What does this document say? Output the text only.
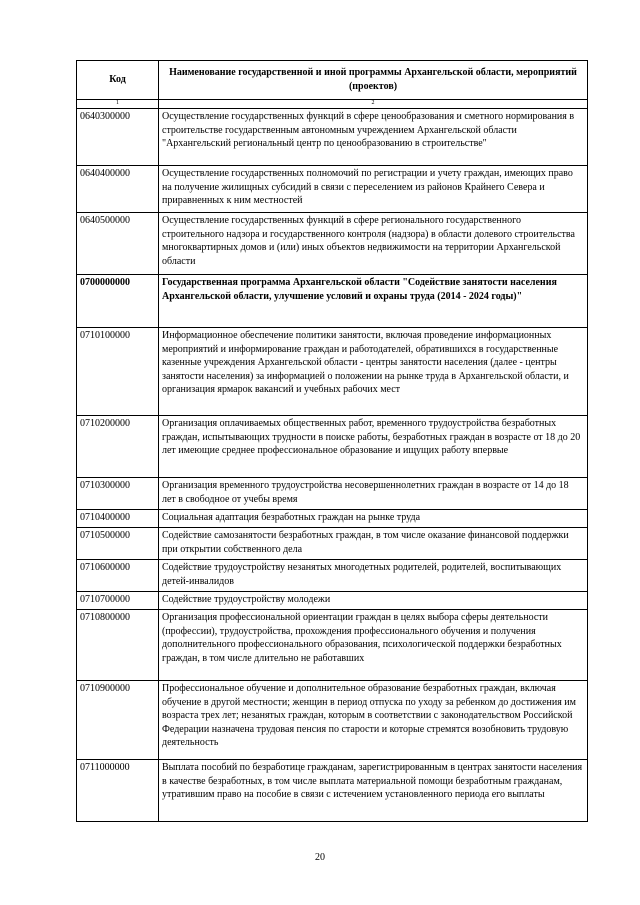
Код	Наименование государственной и иной программы Архангельской области, мероприятий (проектов)
1	2
0640300000	Осуществление государственных функций в сфере ценообразования и сметного нормирования в строительстве государственным автономным учреждением Архангельской области "Архангельский региональный центр по ценообразованию в строительстве"
0640400000	Осуществление государственных полномочий по регистрации и учету граждан, имеющих право на получение жилищных субсидий в связи с переселением из районов Крайнего Севера и приравненных к ним местностей
0640500000	Осуществление государственных функций в сфере регионального государственного строительного надзора и государственного контроля (надзора) в области долевого строительства многоквартирных домов и (или) иных объектов недвижимости на территории Архангельской области
0700000000	Государственная программа Архангельской области "Содействие занятости населения Архангельской области, улучшение условий и охраны труда (2014 - 2024 годы)"
0710100000	Информационное обеспечение политики занятости, включая проведение информационных мероприятий и информирование граждан и работодателей, обратившихся в государственные казенные учреждения Архангельской области - центры занятости населения (далее - центры занятости населения) за информацией о положении на рынке труда в Архангельской области, и организация ярмарок вакансий и учебных рабочих мест
0710200000	Организация оплачиваемых общественных работ, временного трудоустройства безработных граждан, испытывающих трудности в поиске работы, безработных граждан в возрасте от 18 до 20 лет имеющие среднее профессиональное образование и ищущих работу впервые
0710300000	Организация временного трудоустройства несовершеннолетних граждан в возрасте от 14 до 18 лет в свободное от учебы время
0710400000	Социальная адаптация безработных граждан на рынке труда
0710500000	Содействие самозанятости безработных граждан, в том числе оказание финансовой поддержки при открытии собственного дела
0710600000	Содействие трудоустройству незанятых многодетных родителей, родителей, воспитывающих детей-инвалидов
0710700000	Содействие трудоустройству молодежи
0710800000	Организация профессиональной ориентации граждан в целях выбора сферы деятельности (профессии), трудоустройства, прохождения профессионального обучения и получения дополнительного профессионального образования, психологической поддержки безработных граждан, в том числе длительно не работавших
0710900000	Профессиональное обучение и дополнительное образование безработных граждан, включая обучение в другой местности; женщин в период отпуска по уходу за ребенком до достижения им возраста трех лет; незанятых граждан, которым в соответствии с законодательством Российской Федерации назначена трудовая пенсия по старости и которые стремятся возобновить трудовую деятельность
0711000000	Выплата пособий по безработице гражданам, зарегистрированным в центрах занятости населения в качестве безработных, в том числе выплата материальной помощи безработным гражданам, утратившим право на пособие в связи с истечением установленного периода его выплаты
20
